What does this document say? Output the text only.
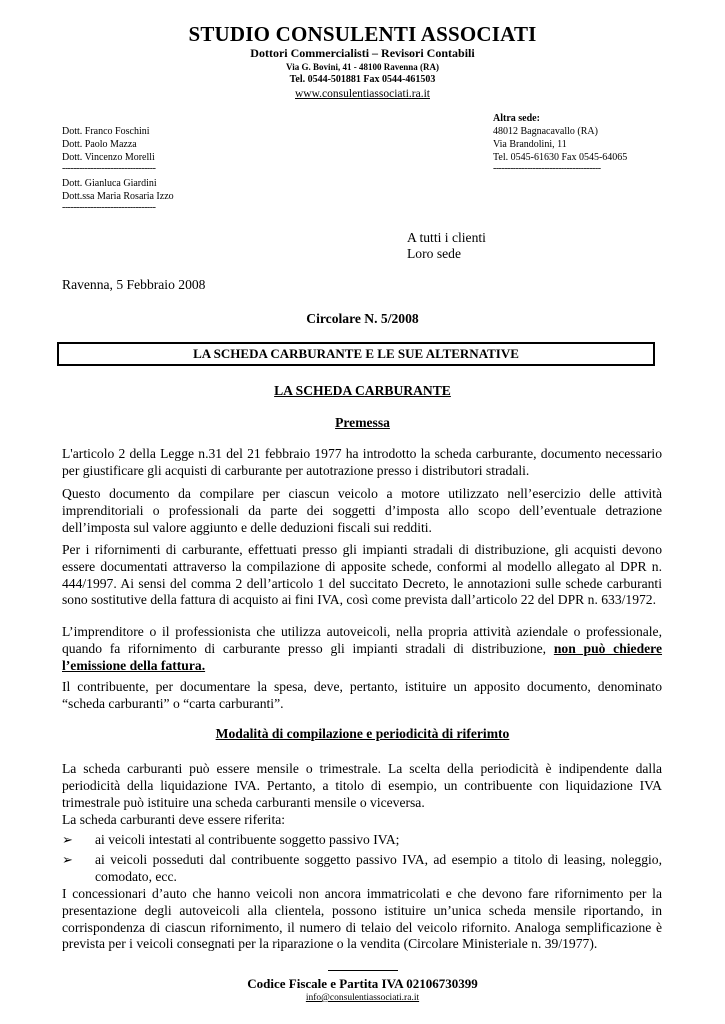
STUDIO CONSULENTI ASSOCIATI
Dottori Commercialisti – Revisori Contabili
Via G. Bovini, 41 - 48100 Ravenna (RA)
Tel. 0544-501881 Fax 0544-461503
www.consulentiassociati.ra.it
Dott. Franco Foschini
Dott. Paolo Mazza
Dott. Vincenzo Morelli
---------------------------------
Dott. Gianluca Giardini
Dott.ssa Maria Rosaria Izzo
---------------------------------
Altra sede:
48012 Bagnacavallo (RA)
Via Brandolini, 11
Tel. 0545-61630 Fax 0545-64065
--------------------------------------
A tutti i clienti
Loro sede
Ravenna, 5 Febbraio 2008
Circolare N. 5/2008
LA SCHEDA CARBURANTE E LE SUE ALTERNATIVE
LA SCHEDA CARBURANTE
Premessa
L'articolo 2 della Legge n.31 del 21 febbraio 1977 ha introdotto la scheda carburante, documento necessario per giustificare gli acquisti di carburante per autotrazione presso i distributori stradali.
Questo documento da compilare per ciascun veicolo a motore utilizzato nell’esercizio delle attività imprenditoriali o professionali da parte dei soggetti d’imposta allo scopo dell’eventuale detrazione dell’imposta sul valore aggiunto e delle deduzioni fiscali sui redditi.
Per i rifornimenti di carburante, effettuati presso gli impianti stradali di distribuzione, gli acquisti devono essere documentati attraverso la compilazione di apposite schede, conformi al modello allegato al DPR n. 444/1997. Ai sensi del comma 2 dell’articolo 1 del succitato Decreto, le annotazioni sulle schede carburanti sono sostitutive della fattura di acquisto ai fini IVA, così come prevista dall’articolo 22 del DPR n. 633/1972.
L’imprenditore o il professionista che utilizza autoveicoli, nella propria attività aziendale o professionale, quando fa rifornimento di carburante presso gli impianti stradali di distribuzione, non può chiedere l’emissione della fattura.
Il contribuente, per documentare la spesa, deve, pertanto, istituire un apposito documento, denominato “scheda carburanti” o “carta carburanti”.
Modalità di compilazione e periodicità di riferimto
La scheda carburanti può essere mensile o trimestrale. La scelta della periodicità è indipendente dalla periodicità della liquidazione IVA. Pertanto, a titolo di esempio, un contribuente con liquidazione IVA trimestrale può istituire una scheda carburanti mensile o viceversa.
La scheda carburanti deve essere riferita:
➢ ai veicoli intestati al contribuente soggetto passivo IVA;
➢ ai veicoli posseduti dal contribuente soggetto passivo IVA, ad esempio a titolo di leasing, noleggio, comodato, ecc.
I concessionari d’auto che hanno veicoli non ancora immatricolati e che devono fare rifornimento per la presentazione degli autoveicoli alla clientela, possono istituire un’unica scheda mensile riportando, in corrispondenza di ciascun rifornimento, il numero di telaio del veicolo rifornito. Analoga semplificazione è prevista per i veicoli consegnati per la riparazione o la vendita (Circolare Ministeriale n. 39/1977).
Codice Fiscale e Partita IVA 02106730399
info@consulentiassociati.ra.it
